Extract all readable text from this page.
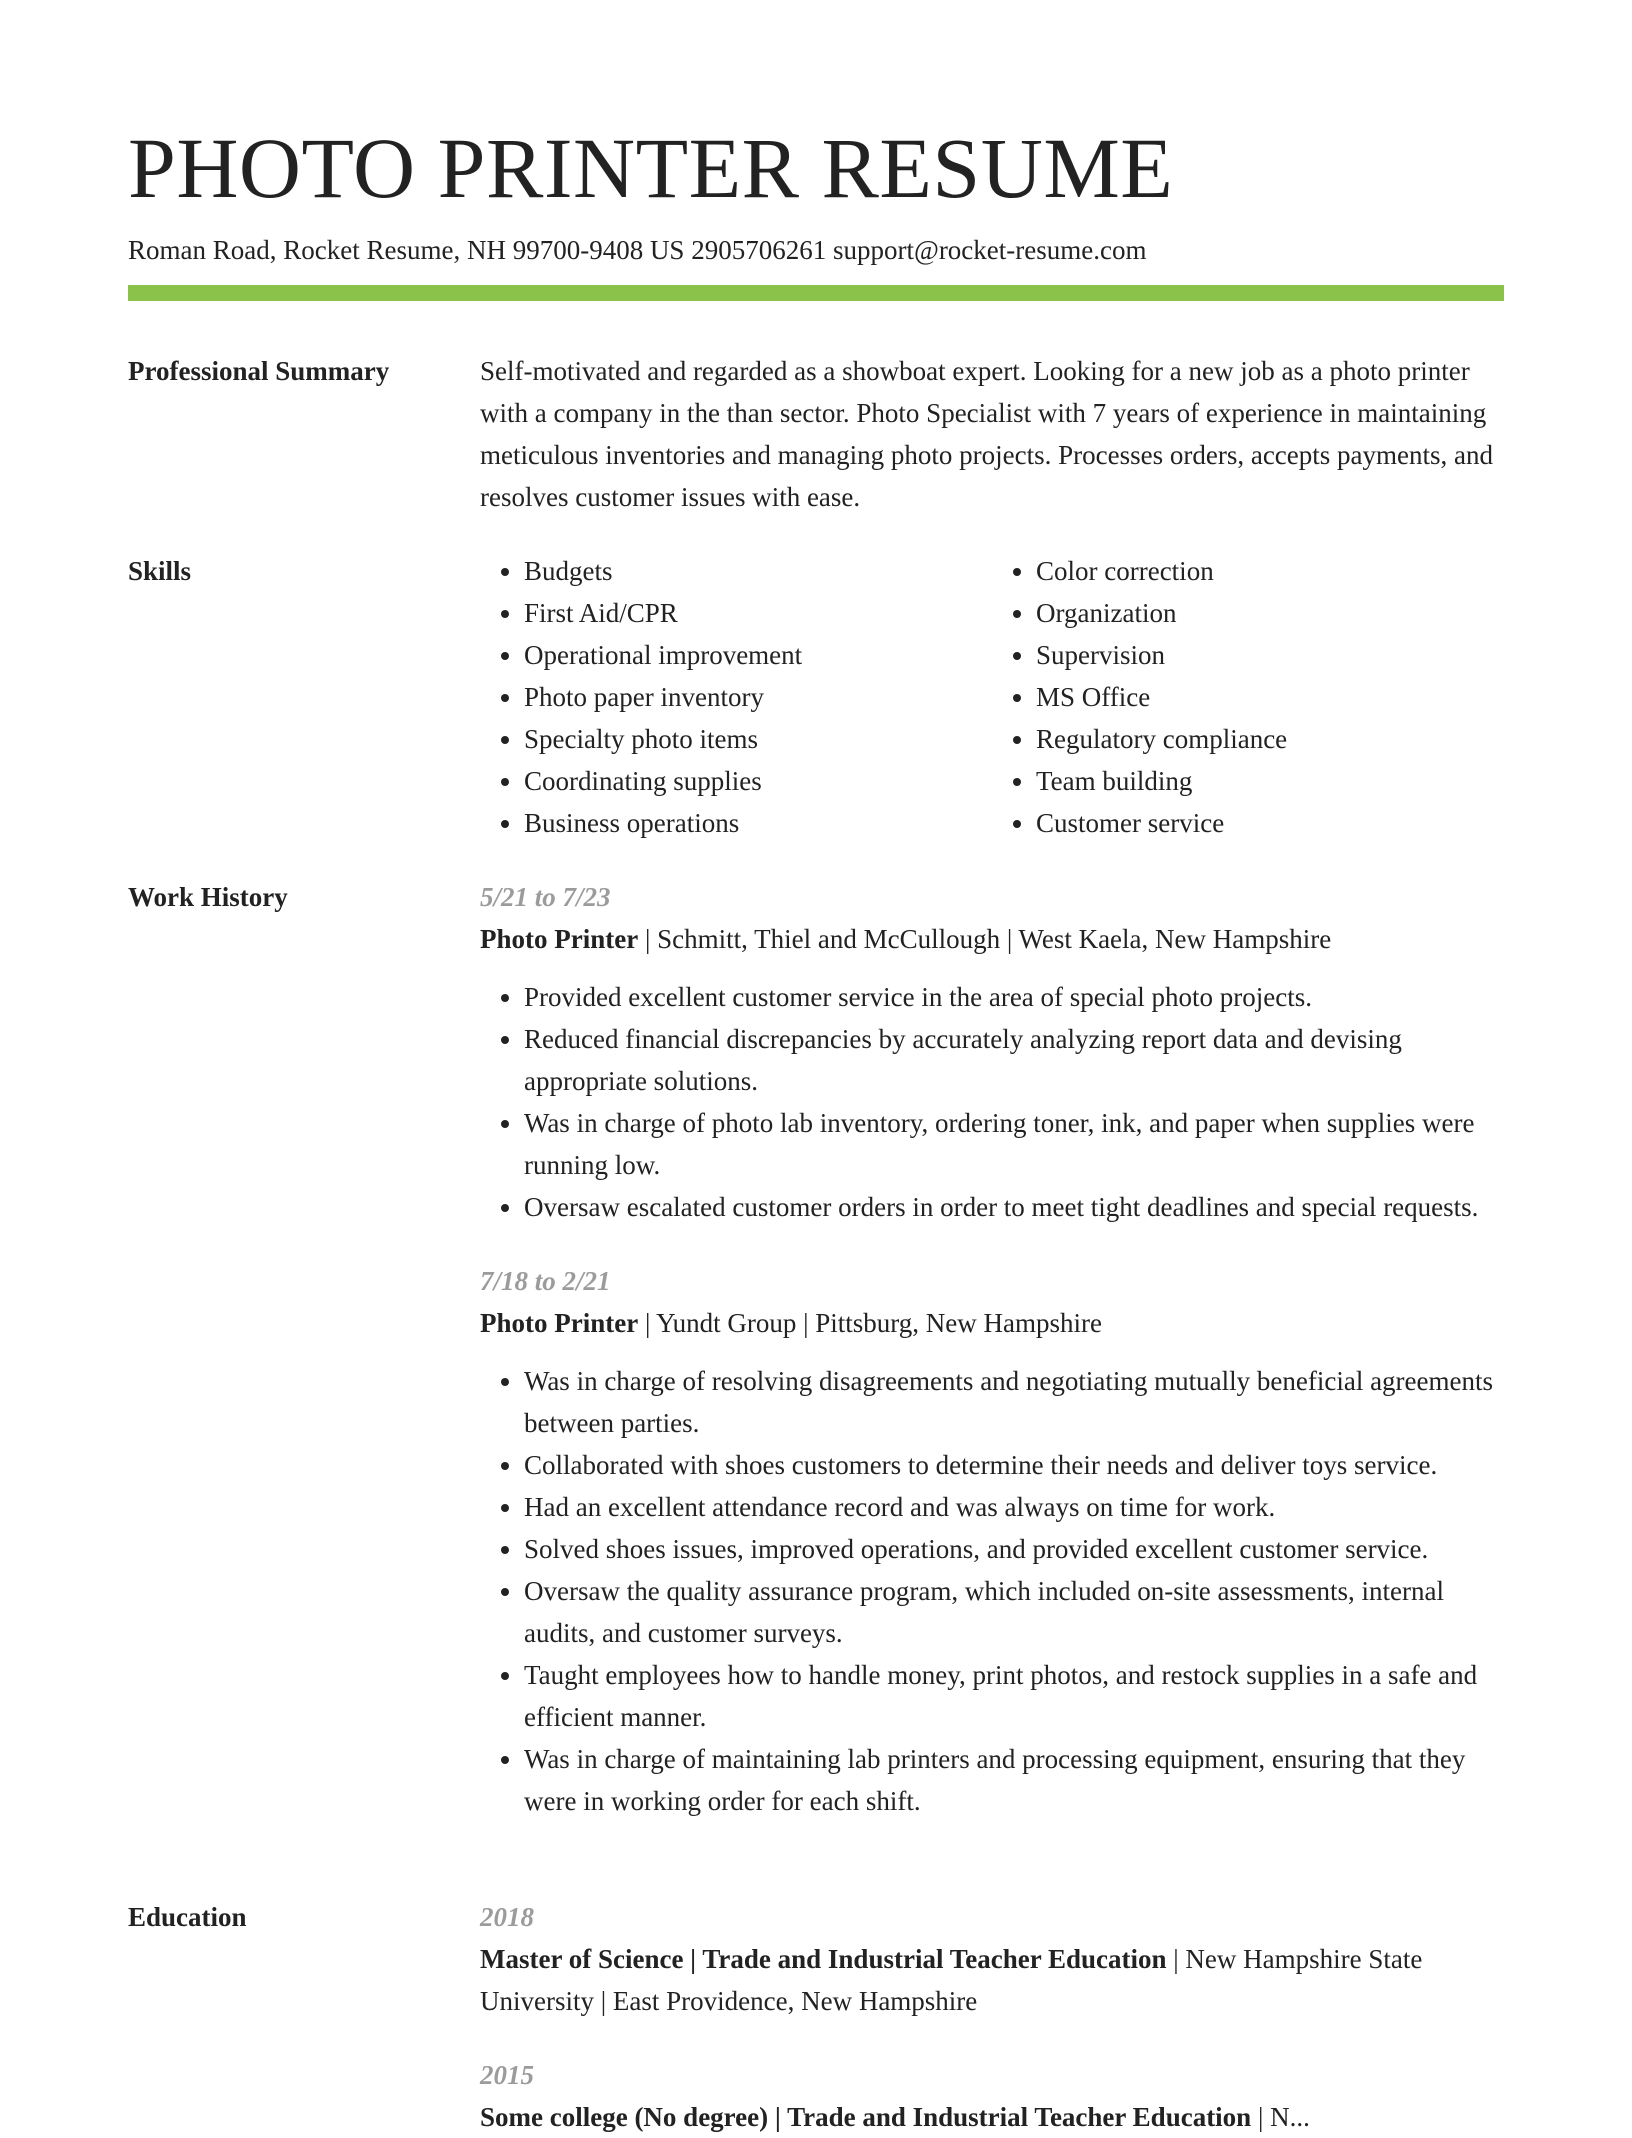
PHOTO PRINTER RESUME
Roman Road, Rocket Resume, NH 99700-9408 US 2905706261 support@rocket-resume.com
Professional Summary	Self-motivated and regarded as a showboat expert. Looking for a new job as a photo printer with a company in the than sector. Photo Specialist with 7 years of experience in maintaining meticulous inventories and managing photo projects. Processes orders, accepts payments, and resolves customer issues with ease.

Skills
•	Budgets
• First Aid/CPR
• Operational improvement
• Photo paper inventory
• Specialty photo items
• Coordinating supplies
• Business operations
• Color correction
• Organization
• Supervision
• MS Office
• Regulatory compliance
• Team building
• Customer service
Work History	5/21 to 7/23
Photo Printer | Schmitt, Thiel and McCullough | West Kaela, New Hampshire
• Provided excellent customer service in the area of special photo projects.
• Reduced financial discrepancies by accurately analyzing report data and devising appropriate solutions.
• Was in charge of photo lab inventory, ordering toner, ink, and paper when supplies were running low.
• Oversaw escalated customer orders in order to meet tight deadlines and special requests.
7/18 to 2/21
Photo Printer | Yundt Group | Pittsburg, New Hampshire
• Was in charge of resolving disagreements and negotiating mutually beneficial agreements between parties.
• Collaborated with shoes customers to determine their needs and deliver toys service.
• Had an excellent attendance record and was always on time for work.
• Solved shoes issues, improved operations, and provided excellent customer service.
• Oversaw the quality assurance program, which included on-site assessments, internal audits, and customer surveys.
• Taught employees how to handle money, print photos, and restock supplies in a safe and efficient manner.
• Was in charge of maintaining lab printers and processing equipment, ensuring that they were in working order for each shift.
Education	2018
Master of Science | Trade and Industrial Teacher Education | New Hampshire State University | East Providence, New Hampshire
2015
Some college (No degree) | Trade and Industrial Teacher Education | N...
